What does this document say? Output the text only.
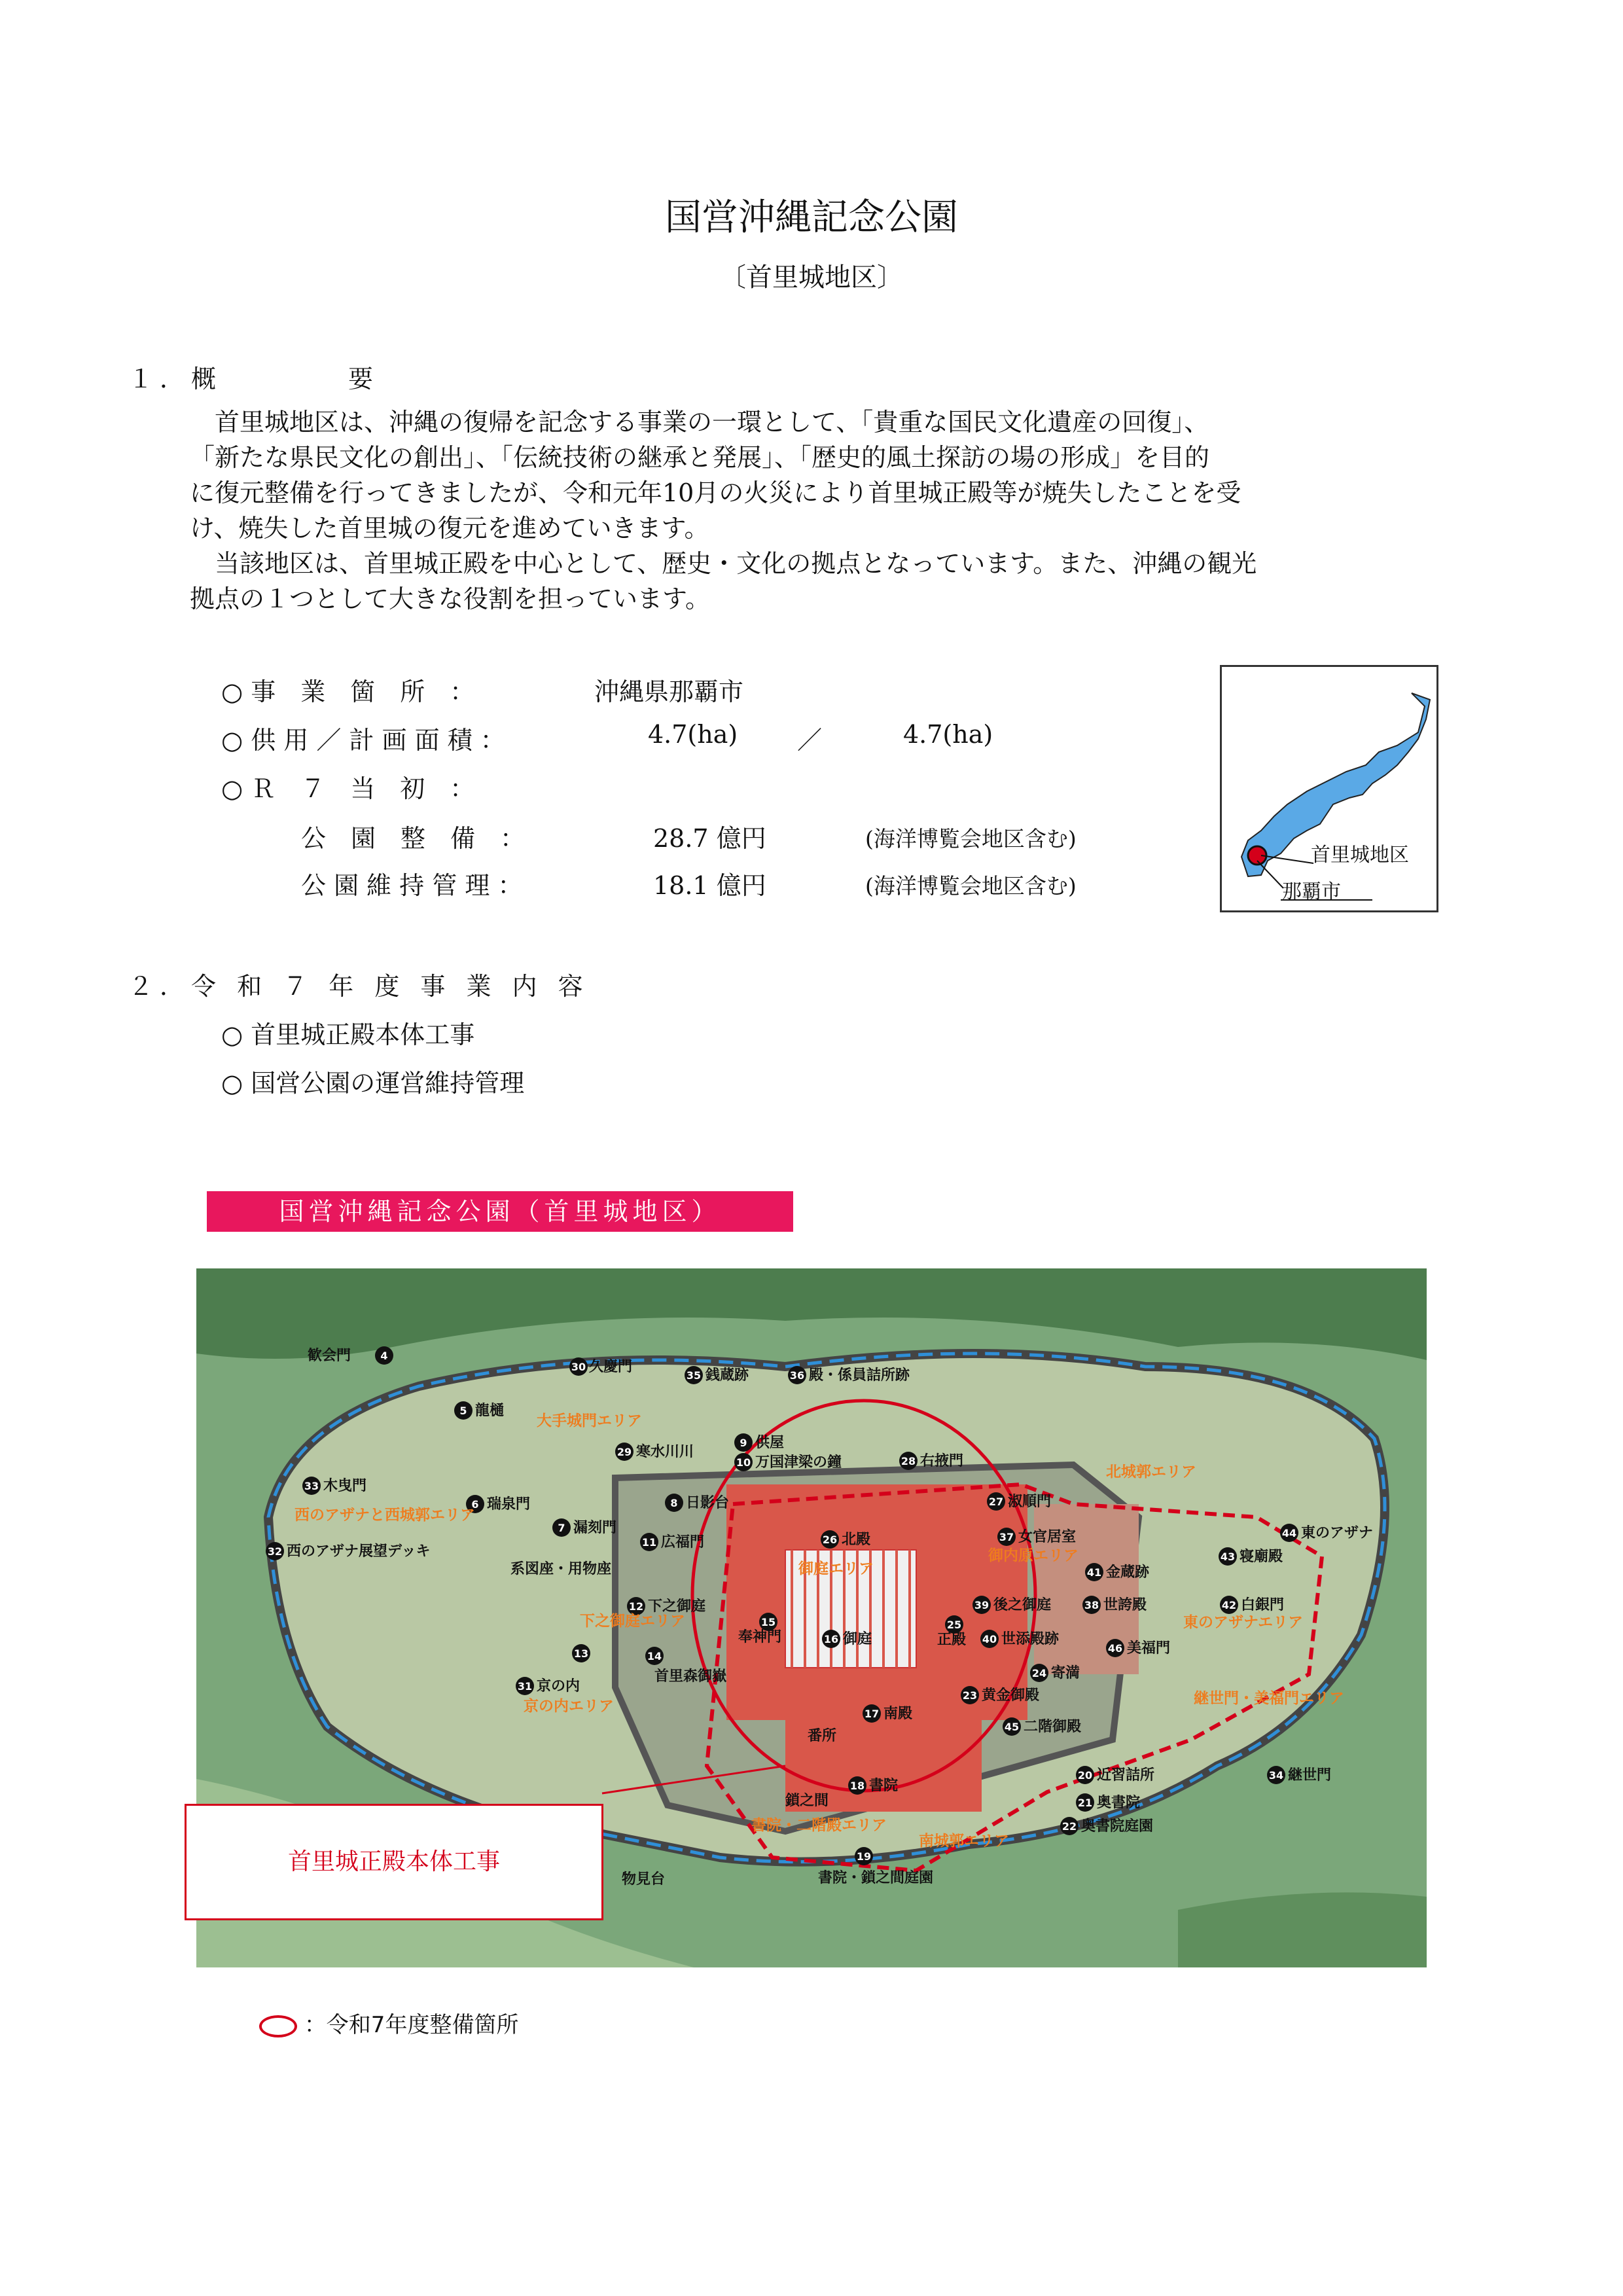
国営沖縄記念公園
〔首里城地区〕
１．概　　　　要
　首里城地区は、沖縄の復帰を記念する事業の一環として、「貴重な国民文化遺産の回復」、
「新たな県民文化の創出」、「伝統技術の継承と発展」、「歴史的風土探訪の場の形成」を目的
に復元整備を行ってきましたが、令和元年10月の火災により首里城正殿等が焼失したことを受
け、焼失した首里城の復元を進めていきます。
　当該地区は、首里城正殿を中心として、歴史・文化の拠点となっています。また、沖縄の観光
拠点の１つとして大きな役割を担っています。
○ 事　業　箇　所　：	沖縄県那覇市
○ 供 用 ／ 計 画 面 積 ：	4.7(ha) ／	4.7(ha)
○ Ｒ　７　当　初　：
公　園　整　備　：	28.7 億円	(海洋博覧会地区含む)
公 園 維 持 管 理 ：	18.1 億円	(海洋博覧会地区含む)
首里城地区
那覇市
２．令 和 ７ 年 度 事 業 内 容
○ 首里城正殿本体工事
○ 国営公園の運営維持管理
国営沖縄記念公園（首里城地区）
歓会門	4
30 久慶門
35 銭蔵跡	36 殿・係員詰所跡
5 龍樋
9 供屋
29 寒水川川
10 万国津梁の鐘	28 右掖門
33 木曳門
6 瑞泉門	8 日影台	27 淑順門
7 漏刻門
26 北殿
11 広福門	37 女官居室	44 東のアザナ
32 西のアザナ展望デッキ
41 金蔵跡
43 寝廟殿
系図座・用物座
39 後之御庭	38 世誇殿	42 白銀門
12 下之御庭
15
奉神門	16 御庭
25
正殿 40 世添殿跡
46 美福門
13	14
首里森御嶽	24 寄満
31 京の内
23 黄金御殿
17 南殿
番所
45 二階御殿
20 近習詰所	34 継世門
18 書院
鎖之間	21 奥書院
22 奥書院庭園
19
書院・鎖之間庭園
物見台
大手城門エリア
北城郭エリア
西のアザナと西城郭エリア
御庭エリア
御内原エリア
下之御庭エリア	東のアザナエリア
京の内エリア	継世門・美福門エリア
書院・二階殿エリア
南城郭エリア
首里城正殿本体工事
：令和7年度整備箇所
